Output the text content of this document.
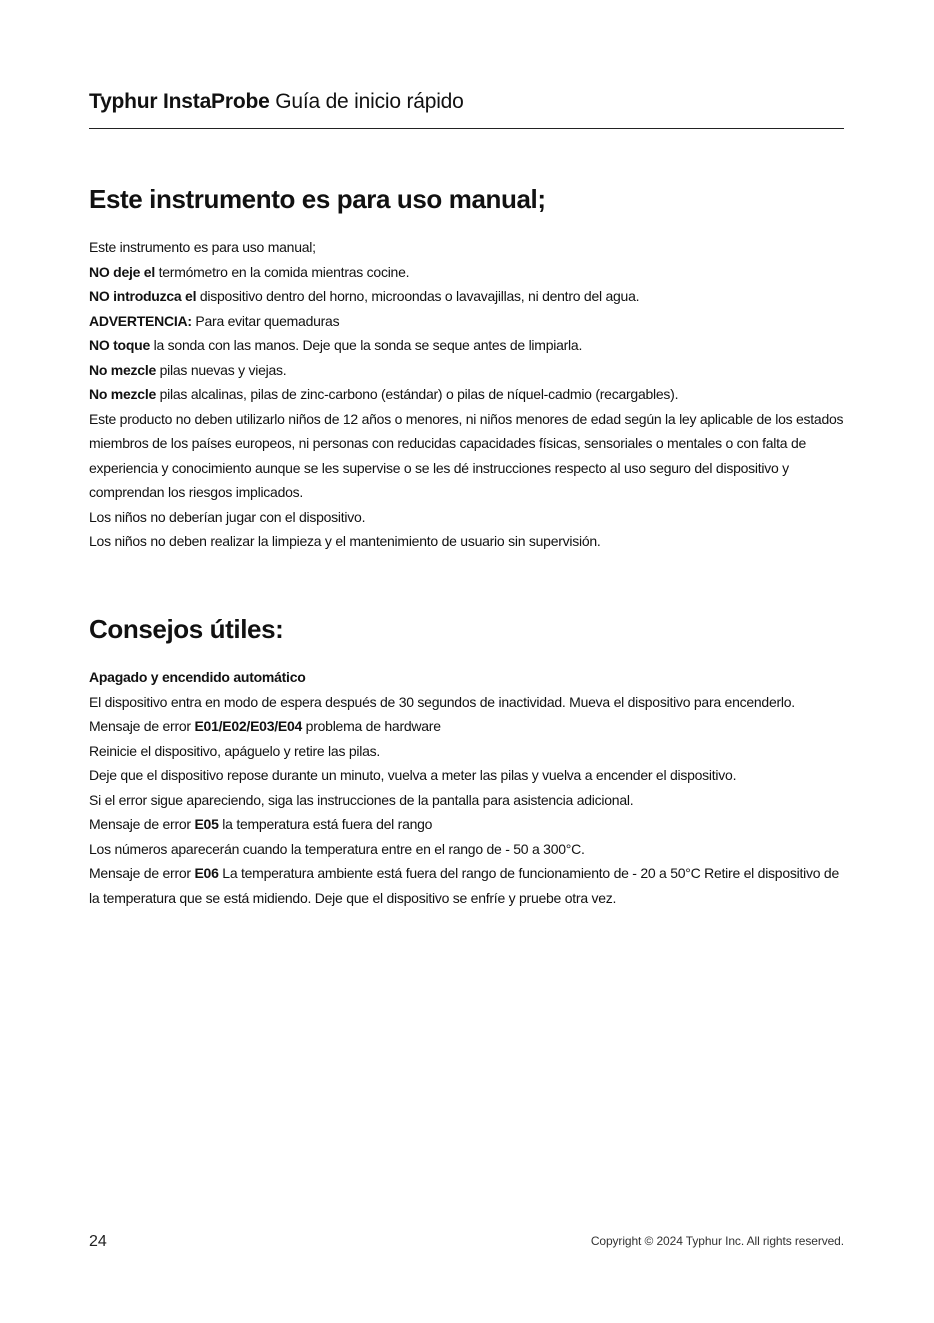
Typhur InstaProbe Guía de inicio rápido
Este instrumento es para uso manual;

Este instrumento es para uso manual;

NO deje el termómetro en la comida mientras cocine.

NO introduzca el dispositivo dentro del horno, microondas o lavavajillas, ni dentro del agua.

ADVERTENCIA: Para evitar quemaduras

NO toque la sonda con las manos. Deje que la sonda se seque antes de limpiarla.

No mezcle pilas nuevas y viejas.

No mezcle pilas alcalinas, pilas de zinc-carbono (estándar) o pilas de níquel-cadmio (recargables).

Este producto no deben utilizarlo niños de 12 años o menores, ni niños menores de edad según la ley aplicable de los estados miembros de los países europeos, ni personas con reducidas capacidades físicas, sensoriales o mentales o con falta de experiencia y conocimiento aunque se les supervise o se les dé instrucciones respecto al uso seguro del dispositivo y comprendan los riesgos implicados.

Los niños no deberían jugar con el dispositivo.

Los niños no deben realizar la limpieza y el mantenimiento de usuario sin supervisión.

Consejos útiles:

Apagado y encendido automático

El dispositivo entra en modo de espera después de 30 segundos de inactividad. Mueva el dispositivo para encenderlo.

Mensaje de error E01/E02/E03/E04 problema de hardware

Reinicie el dispositivo, apáguelo y retire las pilas.

Deje que el dispositivo repose durante un minuto, vuelva a meter las pilas y vuelva a encender el dispositivo.

Si el error sigue apareciendo, siga las instrucciones de la pantalla para asistencia adicional.

Mensaje de error E05 la temperatura está fuera del rango

Los números aparecerán cuando la temperatura entre en el rango de - 50 a 300°C.

Mensaje de error E06 La temperatura ambiente está fuera del rango de funcionamiento de - 20 a 50°C Retire el dispositivo de la temperatura que se está midiendo. Deje que el dispositivo se enfríe y pruebe otra vez.

24	Copyright © 2024 Typhur Inc. All rights reserved.
